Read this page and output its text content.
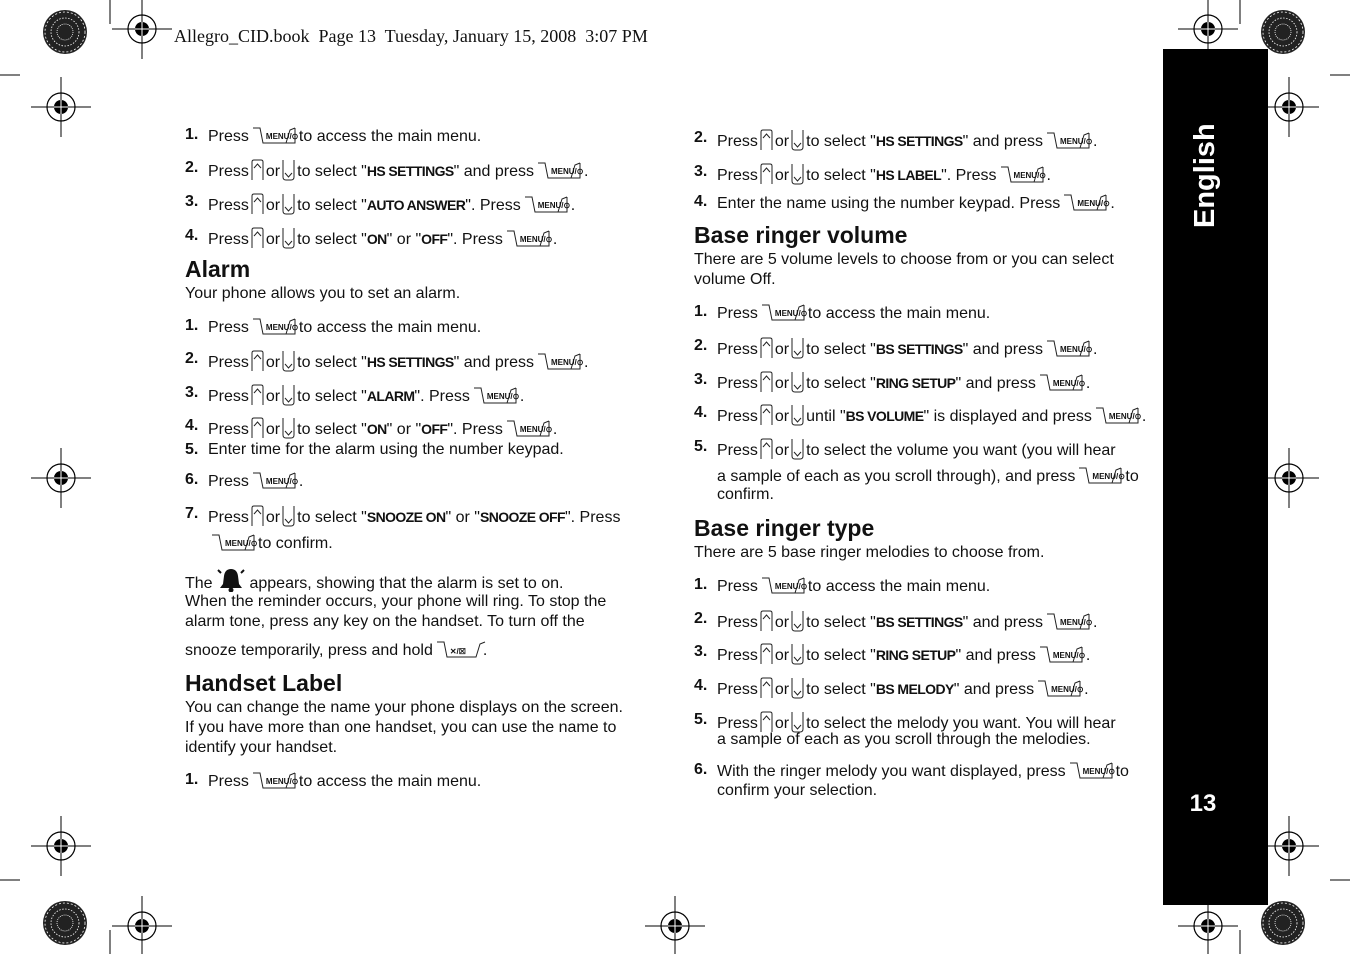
Allegro_CID.book  Page 13  Tuesday, January 15, 2008  3:07 PM
English
13
1. Press MENU/⊙ to access the main menu.
2. Press or to select "HS SETTINGS" and press MENU/⊙ .
3. Press or to select "AUTO ANSWER". Press MENU/⊙ .
4. Press or to select "ON" or "OFF". Press MENU/⊙ .
Alarm
Your phone allows you to set an alarm.
1. Press MENU/⊙ to access the main menu.
2. Press or to select "HS SETTINGS" and press MENU/⊙ .
3. Press or to select "ALARM". Press MENU/⊙ .
4. Press or to select "ON" or "OFF". Press MENU/⊙ .
5. Enter time for the alarm using the number keypad.
6. Press MENU/⊙ .
7. Press or to select "SNOOZE ON" or "SNOOZE OFF". Press
MENU/⊙ to confirm.
The appears, showing that the alarm is set to on.
When the reminder occurs, your phone will ring. To stop the
alarm tone, press any key on the handset. To turn off the
snooze temporarily, press and hold ✕/☒ .
Handset Label
You can change the name your phone displays on the screen.
If you have more than one handset, you can use the name to
identify your handset.
1. Press MENU/⊙ to access the main menu.
2. Press or to select "HS SETTINGS" and press MENU/⊙ .
3. Press or to select "HS LABEL". Press MENU/⊙ .
4. Enter the name using the number keypad. Press MENU/⊙ .
Base ringer volume
There are 5 volume levels to choose from or you can select
volume Off.
1. Press MENU/⊙ to access the main menu.
2. Press or to select "BS SETTINGS" and press MENU/⊙ .
3. Press or to select "RING SETUP" and press MENU/⊙ .
4. Press or until "BS VOLUME" is displayed and press MENU/⊙ .
5. Press or to select the volume you want (you will hear
a sample of each as you scroll through), and press MENU/⊙ to
confirm.
Base ringer type
There are 5 base ringer melodies to choose from.
1. Press MENU/⊙ to access the main menu.
2. Press or to select "BS SETTINGS" and press MENU/⊙ .
3. Press or to select "RING SETUP" and press MENU/⊙ .
4. Press or to select "BS MELODY" and press MENU/⊙ .
5. Press or to select the melody you want. You will hear
a sample of each as you scroll through the melodies.
6. With the ringer melody you want displayed, press MENU/⊙ to
confirm your selection.
